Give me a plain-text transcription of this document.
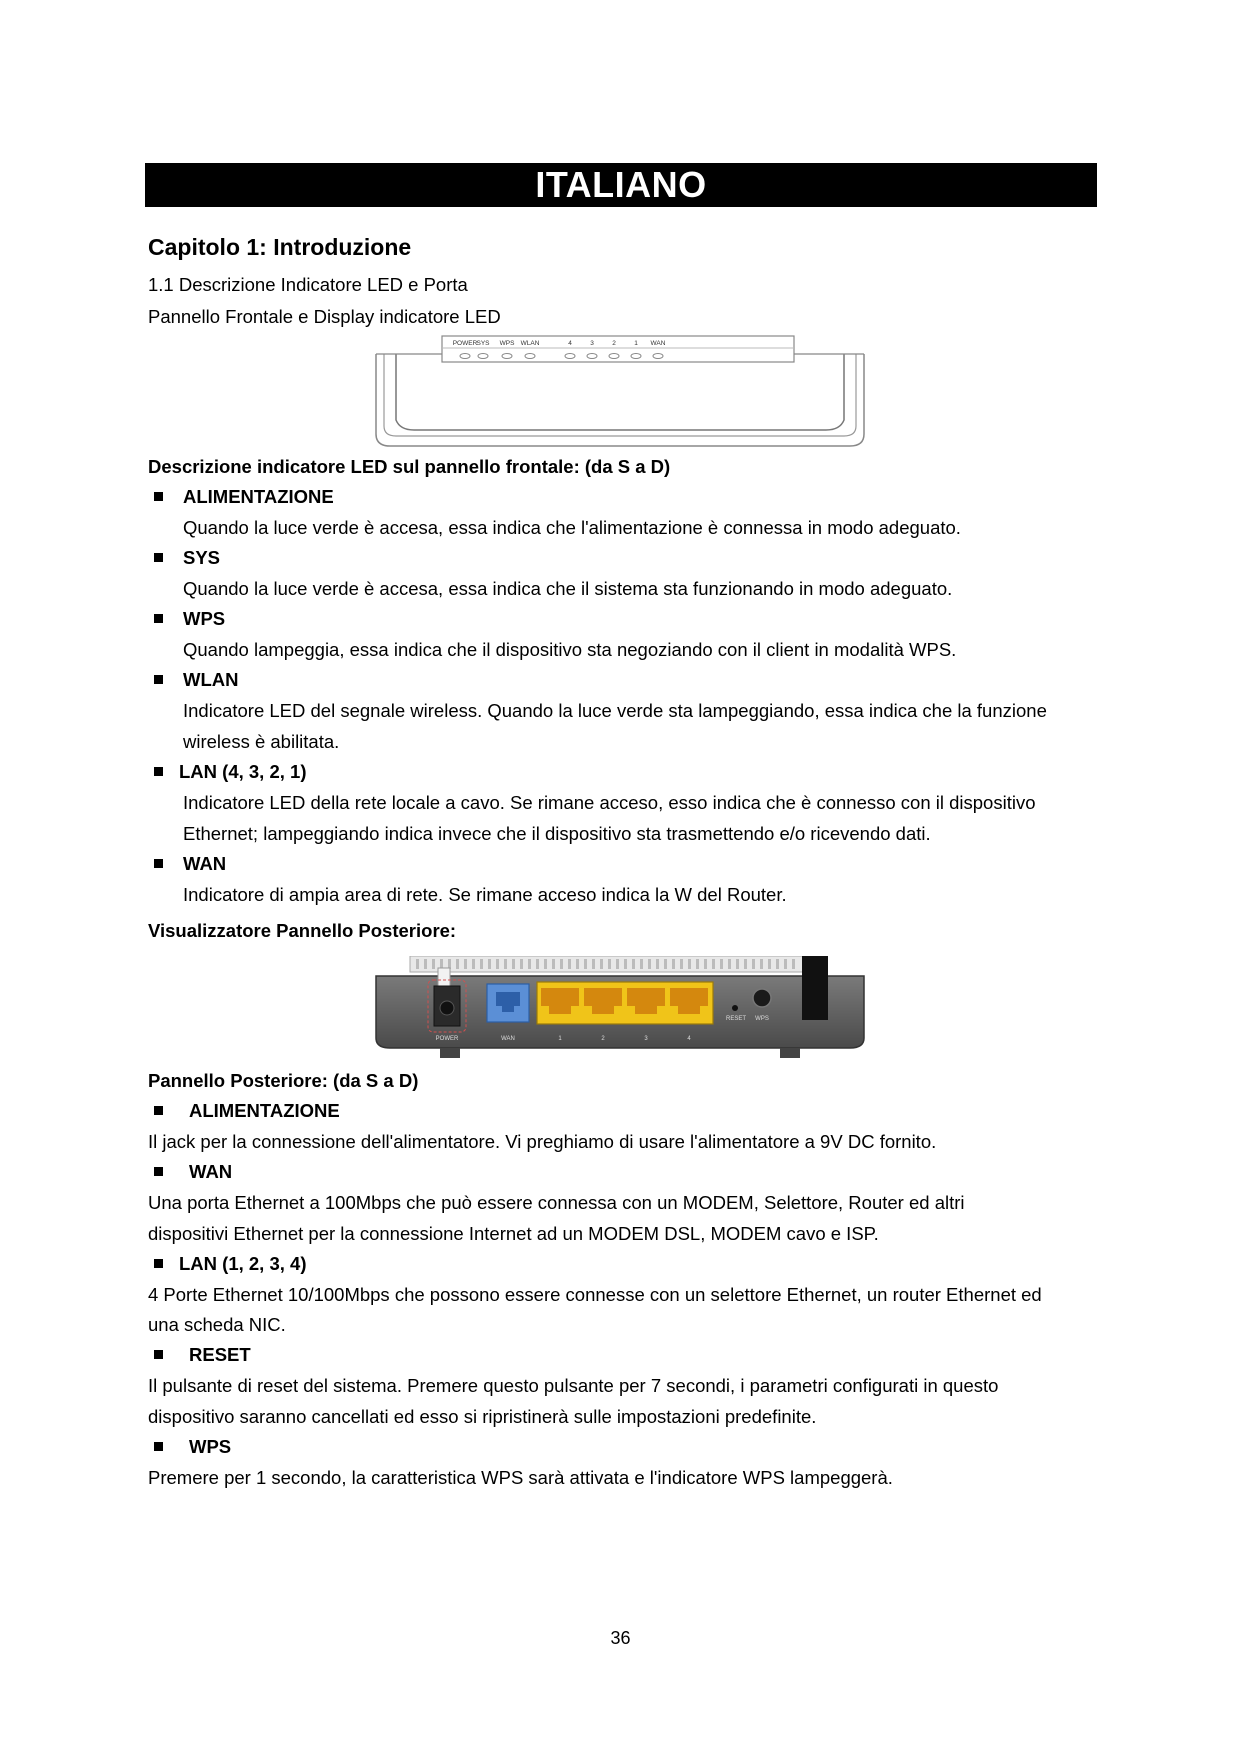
ITALIANO
Capitolo 1: Introduzione
1.1 Descrizione Indicatore LED e Porta
Pannello Frontale e Display indicatore LED
POWER SYS WPS WLAN	4	3	2	1 WAN
Descrizione indicatore LED sul pannello frontale: (da S a D)
ALIMENTAZIONE
Quando la luce verde è accesa, essa indica che l'alimentazione è connessa in modo adeguato.
SYS
Quando la luce verde è accesa, essa indica che il sistema sta funzionando in modo adeguato.
WPS
Quando lampeggia, essa indica che il dispositivo sta negoziando con il client in modalità WPS.
WLAN
Indicatore LED del segnale wireless. Quando la luce verde sta lampeggiando, essa indica che la funzione
wireless è abilitata.
LAN (4, 3, 2, 1)
Indicatore LED della rete locale a cavo. Se rimane acceso, esso indica che è connesso con il dispositivo
Ethernet; lampeggiando indica invece che il dispositivo sta trasmettendo e/o ricevendo dati.
WAN
Indicatore di ampia area di rete. Se rimane acceso indica la W del Router.
Visualizzatore Pannello Posteriore:
POWER	WAN	1	2	3	4
RESET WPS
Pannello Posteriore: (da S a D)
ALIMENTAZIONE
Il jack per la connessione dell'alimentatore. Vi preghiamo di usare l'alimentatore a 9V DC fornito.
WAN
Una porta Ethernet a 100Mbps che può essere connessa con un MODEM, Selettore, Router ed altri
dispositivi Ethernet per la connessione Internet ad un MODEM DSL, MODEM cavo e ISP.
LAN (1, 2, 3, 4)
4 Porte Ethernet 10/100Mbps che possono essere connesse con un selettore Ethernet, un router Ethernet ed
una scheda NIC.
RESET
Il pulsante di reset del sistema. Premere questo pulsante per 7 secondi, i parametri configurati in questo
dispositivo saranno cancellati ed esso si ripristinerà sulle impostazioni predefinite.
WPS
Premere per 1 secondo, la caratteristica WPS sarà attivata e l'indicatore WPS lampeggerà.
36
